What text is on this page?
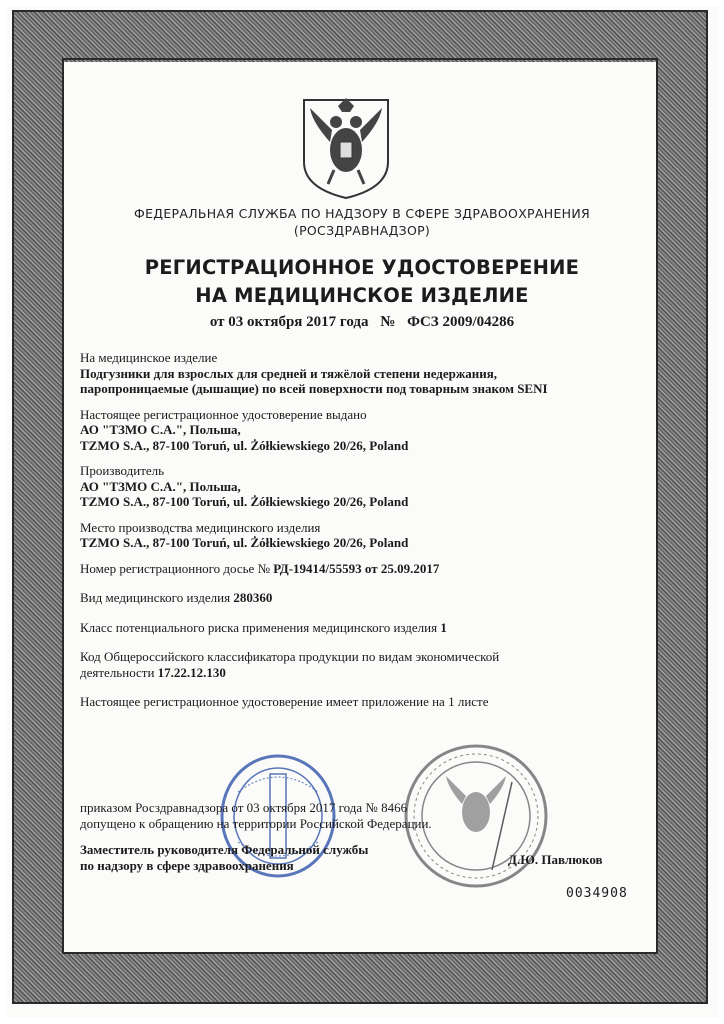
ФЕДЕРАЛЬНАЯ СЛУЖБА ПО НАДЗОРУ В СФЕРЕ ЗДРАВООХРАНЕНИЯ
(РОСЗДРАВНАДЗОР)
РЕГИСТРАЦИОННОЕ УДОСТОВЕРЕНИЕ
НА МЕДИЦИНСКОЕ ИЗДЕЛИЕ
от 03 октября 2017 года № ФСЗ 2009/04286
На медицинское изделие
Подгузники для взрослых для средней и тяжёлой степени недержания,
паропроницаемые (дышащие) по всей поверхности под товарным знаком SENI
Настоящее регистрационное удостоверение выдано
АО "ТЗМО С.А.", Польша,
TZMO S.A., 87-100 Toruń, ul. Żółkiewskiego 20/26, Poland
Производитель
АО "ТЗМО С.А.", Польша,
TZMO S.A., 87-100 Toruń, ul. Żółkiewskiego 20/26, Poland
Место производства медицинского изделия
TZMO S.A., 87-100 Toruń, ul. Żółkiewskiego 20/26, Poland
Номер регистрационного досье № РД-19414/55593 от 25.09.2017
Вид медицинского изделия 280360
Класс потенциального риска применения медицинского изделия 1
Код Общероссийского классификатора продукции по видам экономической
деятельности 17.22.12.130
Настоящее регистрационное удостоверение имеет приложение на 1 листе
приказом Росздравнадзора от 03 октября 2017 года № 8466
допущено к обращению на территории Российской Федерации.
Заместитель руководителя Федеральной службы
по надзору в сфере здравоохранения	Д.Ю. Павлюков
0034908
